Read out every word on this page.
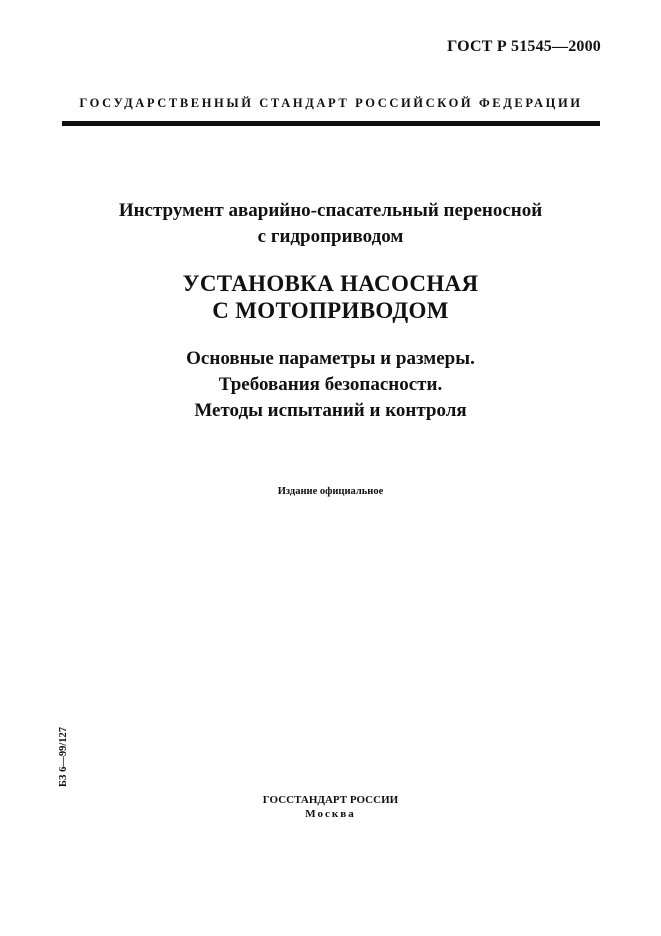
ГОСТ Р 51545—2000
ГОСУДАРСТВЕННЫЙ СТАНДАРТ РОССИЙСКОЙ ФЕДЕРАЦИИ
Инструмент аварийно-спасательный переносной
с гидроприводом
УСТАНОВКА НАСОСНАЯ
С МОТОПРИВОДОМ
Основные параметры и размеры.
Требования безопасности.
Методы испытаний и контроля
Издание официальное
БЗ 6—99/127
ГОССТАНДАРТ РОССИИ
Москва
